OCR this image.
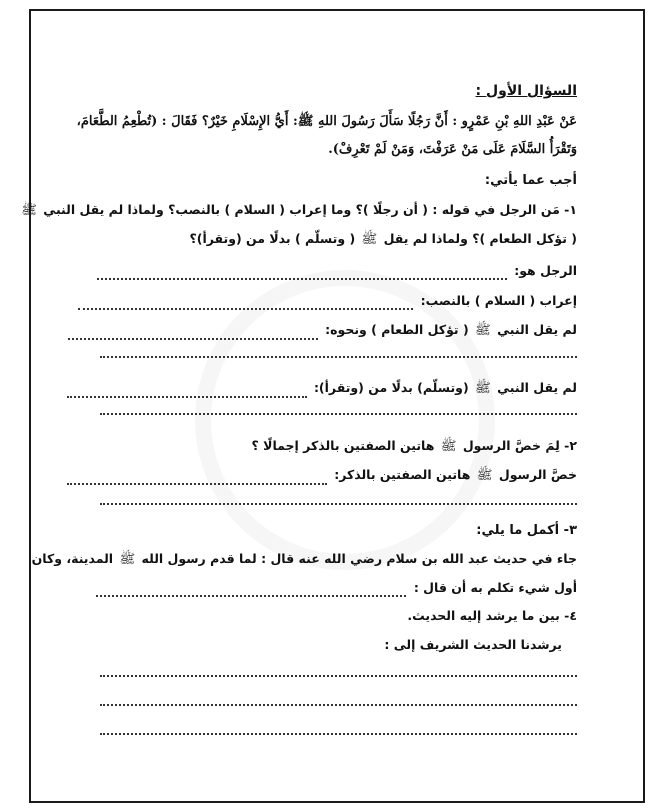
السؤال الأول :
عَنْ عَبْدِ اللهِ بْنِ عَمْرٍو : أَنَّ رَجُلًا سَأَلَ رَسُولَ اللهِ ﷺ: أَيُّ الإِسْلَامِ خَيْرٌ؟ فَقَالَ : (تُطْعِمُ الطَّعَامَ،
وَتَقْرَأُ السَّلَامَ عَلَى مَنْ عَرَفْتَ، وَمَنْ لَمْ تَعْرِفْ).
أجب عما يأتي:
١- مَن الرجل في قوله : ( أن رجلًا )؟ وما إعراب ( السلام ) بالنصب؟ ولماذا لم يقل النبي ﷺ
( تؤكل الطعام )؟ ولماذا لم يقل ﷺ ( وتسلّم ) بدلًا من (وتقرأ)؟
الرجل هو:
إعراب ( السلام ) بالنصب:
لم يقل النبي ﷺ ( تؤكل الطعام ) ونحوه:
لم يقل النبي ﷺ (وتسلّم) بدلًا من (وتقرأ):
٢- لِمَ خصَّ الرسول ﷺ هاتين الصفتين بالذكر إجمالًا ؟
خصَّ الرسول ﷺ هاتين الصفتين بالذكر:
٣- أكمل ما يلي:
جاء في حديث عبد الله بن سلام رضي الله عنه قال : لما قدم رسول الله ﷺ المدينة، وكان
أول شيء تكلم به أن قال :
٤- بين ما يرشد إليه الحديث.
يرشدنا الحديث الشريف إلى :
